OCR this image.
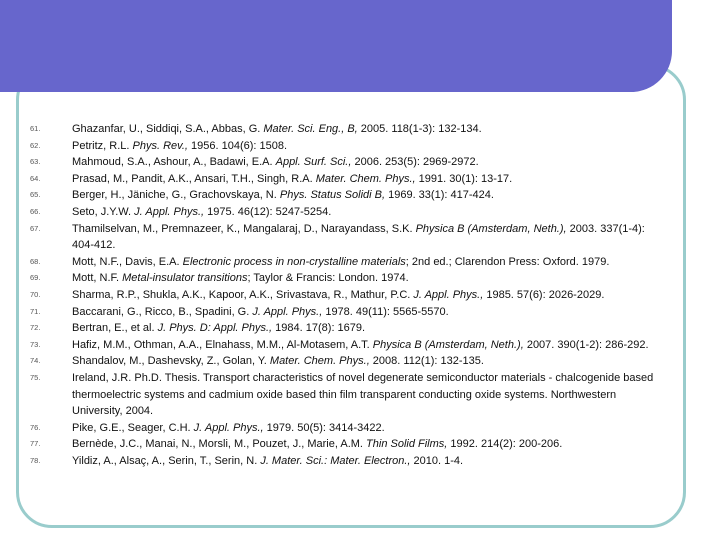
61.	Ghazanfar, U., Siddiqi, S.A., Abbas, G. Mater. Sci. Eng., B, 2005. 118(1-3): 132-134.
62.	Petritz, R.L. Phys. Rev., 1956. 104(6): 1508.
63.	Mahmoud, S.A., Ashour, A., Badawi, E.A. Appl. Surf. Sci., 2006. 253(5): 2969-2972.
64.	Prasad, M., Pandit, A.K., Ansari, T.H., Singh, R.A. Mater. Chem. Phys., 1991. 30(1): 13-17.
65.	Berger, H., Jäniche, G., Grachovskaya, N. Phys. Status Solidi B, 1969. 33(1): 417-424.
66.	Seto, J.Y.W. J. Appl. Phys., 1975. 46(12): 5247-5254.
67.	Thamilselvan, M., Premnazeer, K., Mangalaraj, D., Narayandass, S.K. Physica B (Amsterdam, Neth.), 2003. 337(1-4): 404-412.
68.	Mott, N.F., Davis, E.A. Electronic process in non-crystalline materials; 2nd ed.; Clarendon Press: Oxford. 1979.
69.	Mott, N.F. Metal-insulator transitions; Taylor & Francis: London. 1974.
70.	Sharma, R.P., Shukla, A.K., Kapoor, A.K., Srivastava, R., Mathur, P.C. J. Appl. Phys., 1985. 57(6): 2026-2029.
71.	Baccarani, G., Ricco, B., Spadini, G. J. Appl. Phys., 1978. 49(11): 5565-5570.
72.	Bertran, E., et al. J. Phys. D: Appl. Phys., 1984. 17(8): 1679.
73.	Hafiz, M.M., Othman, A.A., Elnahass, M.M., Al-Motasem, A.T. Physica B (Amsterdam, Neth.), 2007. 390(1-2): 286-292.
74.	Shandalov, M., Dashevsky, Z., Golan, Y. Mater. Chem. Phys., 2008. 112(1): 132-135.
75.	Ireland, J.R. Ph.D. Thesis. Transport characteristics of novel degenerate semiconductor materials - chalcogenide based thermoelectric systems and cadmium oxide based thin film transparent conducting oxide systems. Northwestern University, 2004.
76.	Pike, G.E., Seager, C.H. J. Appl. Phys., 1979. 50(5): 3414-3422.
77.	Bernède, J.C., Manai, N., Morsli, M., Pouzet, J., Marie, A.M. Thin Solid Films, 1992. 214(2): 200-206.
78.	Yildiz, A., Alsaç, A., Serin, T., Serin, N. J. Mater. Sci.: Mater. Electron., 2010. 1-4.
